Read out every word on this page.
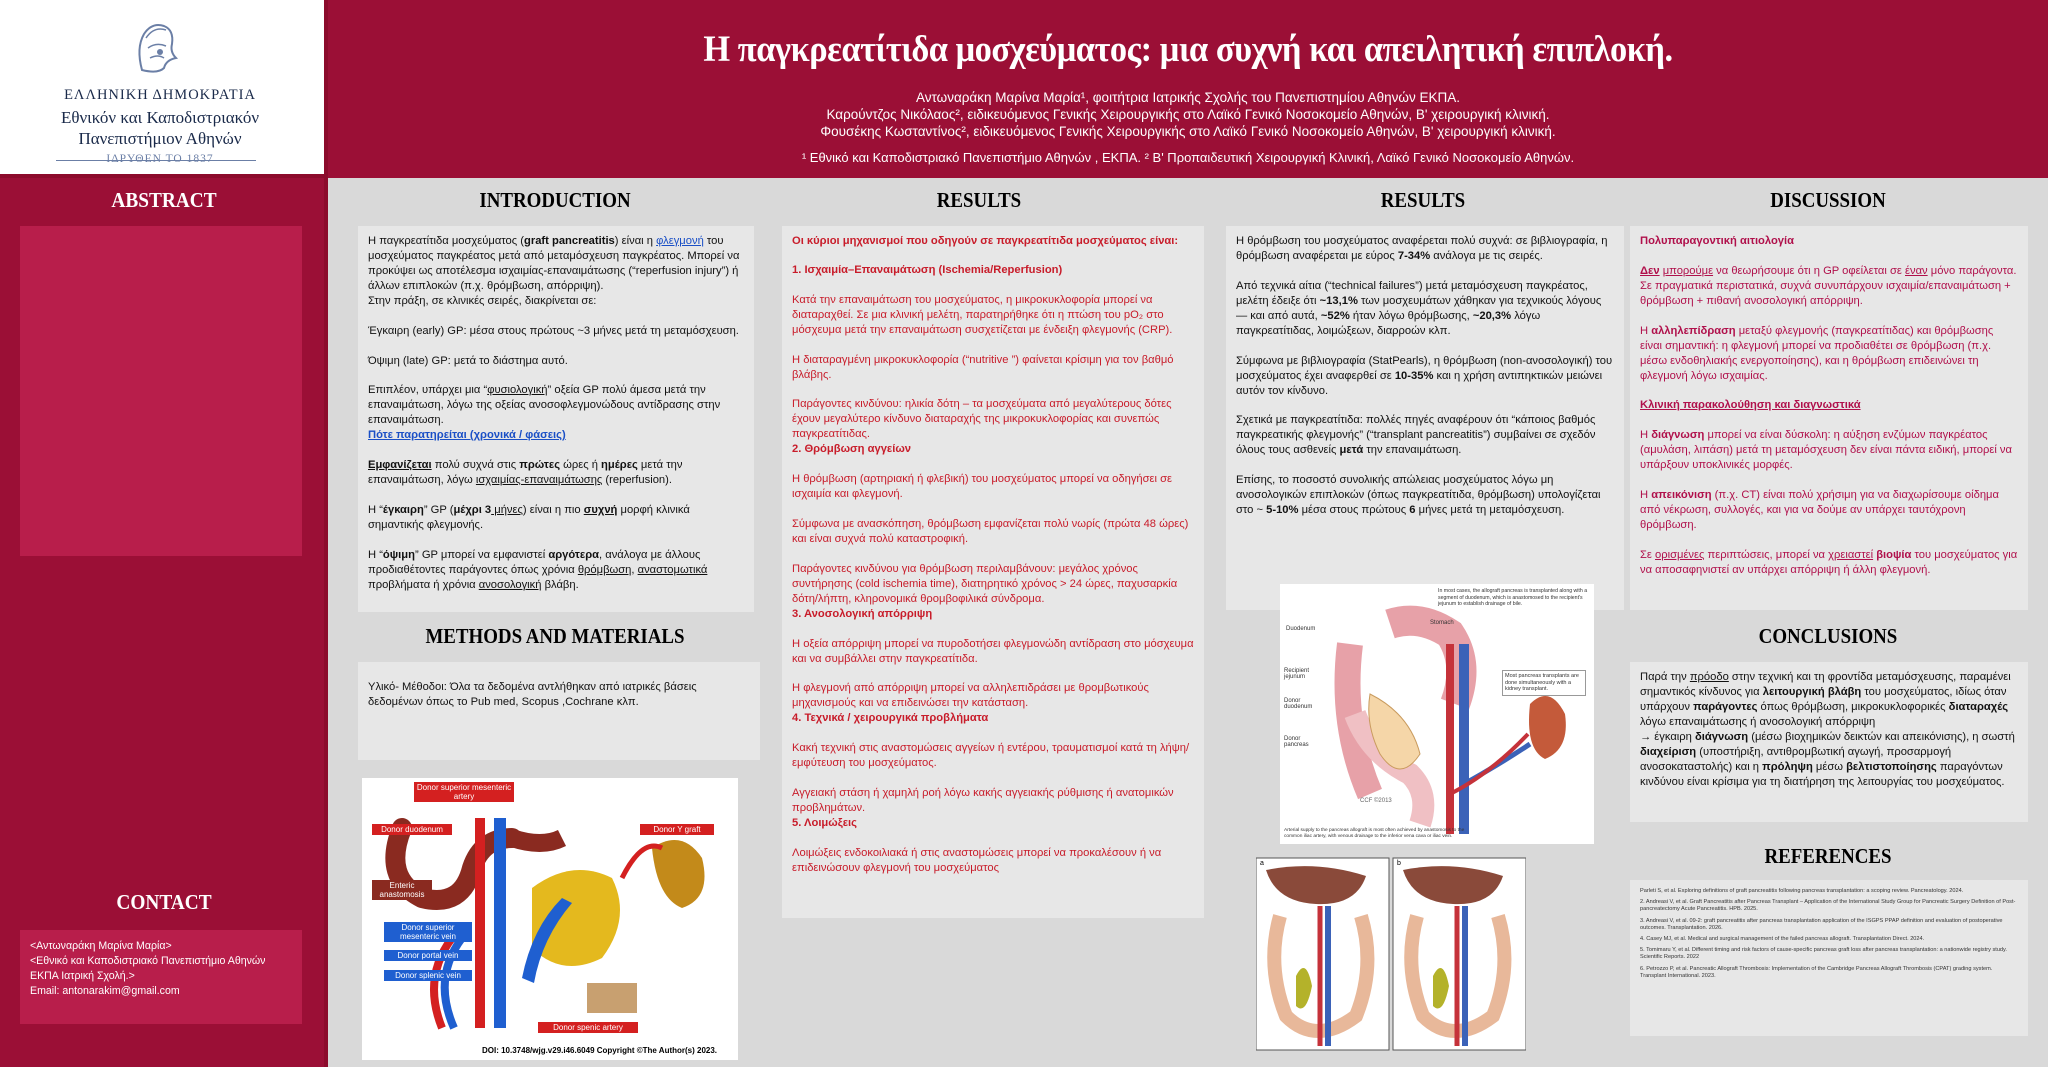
ΕΛΛΗΝΙΚΗ ΔΗΜΟΚΡΑΤΙΑ
Εθνικόν και Καποδιστριακόν
Πανεπιστήμιον Αθηνών
ΙΔΡΥΘΕΝ ΤΟ 1837
Η παγκρεατίτιδα μοσχεύματος: μια συχνή και απειλητική επιπλοκή.
Αντωναράκη Μαρίνα Μαρία¹, φοιτήτρια Ιατρικής Σχολής του Πανεπιστημίου Αθηνών ΕΚΠΑ.
Καρούντζος Νικόλαος², ειδικευόμενος Γενικής Χειρουργικής στο Λαϊκό Γενικό Νοσοκομείο Αθηνών, Β' χειρουργική κλινική.
Φουσέκης Κωσταντίνος², ειδικευόμενος Γενικής Χειρουργικής στο Λαϊκό Γενικό Νοσοκομείο Αθηνών, Β' χειρουργική κλινική.
¹ Εθνικό και Καποδιστριακό Πανεπιστήμιο Αθηνών , ΕΚΠΑ. ² Β' Προπαιδευτική Χειρουργική Κλινική, Λαϊκό Γενικό Νοσοκομείο Αθηνών.
ABSTRACT
CONTACT
<Αντωναράκη Μαρίνα Μαρία>
<Εθνικό και Καποδιστριακό Πανεπιστήμιο Αθηνών
ΕΚΠΑ Ιατρική Σχολή.>
Email: antonarakim@gmail.com
INTRODUCTION

Η παγκρεατίτιδα μοσχεύματος (graft pancreatitis) είναι η φλεγμονή του μοσχεύματος παγκρέατος μετά από μεταμόσχευση παγκρέατος. Μπορεί να προκύψει ως αποτέλεσμα ισχαιμίας-επαναιμάτωσης (“reperfusion injury”) ή άλλων επιπλοκών (π.χ. θρόμβωση, απόρριψη).

Στην πράξη, σε κλινικές σειρές, διακρίνεται σε:

Έγκαιρη (early) GP: μέσα στους πρώτους ~3 μήνες μετά τη μεταμόσχευση.

Όψιμη (late) GP: μετά το διάστημα αυτό.

Επιπλέον, υπάρχει μια “φυσιολογική” οξεία GP πολύ άμεσα μετά την επαναιμάτωση, λόγω της οξείας ανοσοφλεγμονώδους αντίδρασης στην επαναιμάτωση.

Πότε παρατηρείται (χρονικά / φάσεις)

Εμφανίζεται πολύ συχνά στις πρώτες ώρες ή ημέρες μετά την επαναιμάτωση, λόγω ισχαιμίας-επαναιμάτωσης (reperfusion).

Η “έγκαιρη” GP (μέχρι 3 μήνες) είναι η πιο συχνή μορφή κλινικά σημαντικής φλεγμονής.

Η “όψιμη” GP μπορεί να εμφανιστεί αργότερα, ανάλογα με άλλους προδιαθέτοντες παράγοντες όπως χρόνια θρόμβωση, αναστομωτικά προβλήματα ή χρόνια ανοσολογική βλάβη.

METHODS AND MATERIALS

Υλικό- Μέθοδοι: Όλα τα δεδομένα αντλήθηκαν από ιατρικές βάσεις δεδομένων όπως το Pub med, Scopus ,Cochrane κλπ.

Donor superior mesenteric artery
Donor duodenum	Donor Y graft
Enteric anastomosis
Donor superior mesenteric vein
Donor portal vein
Donor splenic vein
Donor spenic artery
DOI: 10.3748/wjg.v29.i46.6049 Copyright ©The Author(s) 2023.
RESULTS

Οι κύριοι μηχανισμοί που οδηγούν σε παγκρεατίτιδα μοσχεύματος είναι:

1. Ισχαιμία–Επαναιμάτωση (Ischemia/Reperfusion)

Κατά την επαναιμάτωση του μοσχεύματος, η μικροκυκλοφορία μπορεί να διαταραχθεί. Σε μια κλινική μελέτη, παρατηρήθηκε ότι η πτώση του pO₂ στο μόσχευμα μετά την επαναιμάτωση συσχετίζεται με ένδειξη φλεγμονής (CRP).

Η διαταραγμένη μικροκυκλοφορία (“nutritive ”) φαίνεται κρίσιμη για τον βαθμό βλάβης.

Παράγοντες κινδύνου: ηλικία δότη – τα μοσχεύματα από μεγαλύτερους δότες έχουν μεγαλύτερο κίνδυνο διαταραχής της μικροκυκλοφορίας και συνεπώς παγκρεατίτιδας.

2. Θρόμβωση αγγείων

Η θρόμβωση (αρτηριακή ή φλεβική) του μοσχεύματος μπορεί να οδηγήσει σε ισχαιμία και φλεγμονή.

Σύμφωνα με ανασκόπηση, θρόμβωση εμφανίζεται πολύ νωρίς (πρώτα 48 ώρες) και είναι συχνά πολύ καταστροφική.

Παράγοντες κινδύνου για θρόμβωση περιλαμβάνουν: μεγάλος χρόνος συντήρησης (cold ischemia time), διατηρητικό χρόνος > 24 ώρες, παχυσαρκία δότη/λήπτη, κληρονομικά θρομβοφιλικά σύνδρομα.

3. Ανοσολογική απόρριψη

Η οξεία απόρριψη μπορεί να πυροδοτήσει φλεγμονώδη αντίδραση στο μόσχευμα και να συμβάλλει στην παγκρεατίτιδα.

Η φλεγμονή από απόρριψη μπορεί να αλληλεπιδράσει με θρομβωτικούς μηχανισμούς και να επιδεινώσει την κατάσταση.

4. Τεχνικά / χειρουργικά προβλήματα

Κακή τεχνική στις αναστομώσεις αγγείων ή εντέρου, τραυματισμοί κατά τη λήψη/εμφύτευση του μοσχεύματος.

Αγγειακή στάση ή χαμηλή ροή λόγω κακής αγγειακής ρύθμισης ή ανατομικών προβλημάτων.

5. Λοιμώξεις

Λοιμώξεις ενδοκοιλιακά ή στις αναστομώσεις μπορεί να προκαλέσουν ή να επιδεινώσουν φλεγμονή του μοσχεύματος

RESULTS

Η θρόμβωση του μοσχεύματος αναφέρεται πολύ συχνά: σε βιβλιογραφία, η θρόμβωση αναφέρεται με εύρος 7-34% ανάλογα με τις σειρές.

Από τεχνικά αίτια (“technical failures”) μετά μεταμόσχευση παγκρέατος, μελέτη έδειξε ότι ~13,1% των μοσχευμάτων χάθηκαν για τεχνικούς λόγους — και από αυτά, ~52% ήταν λόγω θρόμβωσης, ~20,3% λόγω παγκρεατίτιδας, λοιμώξεων, διαρροών κλπ.

Σύμφωνα με βιβλιογραφία (StatPearls), η θρόμβωση (non-ανοσολογική) του μοσχεύματος έχει αναφερθεί σε 10-35% και η χρήση αντιπηκτικών μειώνει αυτόν τον κίνδυνο.

Σχετικά με παγκρεατίτιδα: πολλές πηγές αναφέρουν ότι “κάποιος βαθμός παγκρεατικής φλεγμονής” (“transplant pancreatitis”) συμβαίνει σε σχεδόν όλους τους ασθενείς μετά την επαναιμάτωση.

Επίσης, το ποσοστό συνολικής απώλειας μοσχεύματος λόγω μη ανοσολογικών επιπλοκών (όπως παγκρεατίτιδα, θρόμβωση) υπολογίζεται στο ~ 5-10% μέσα στους πρώτους 6 μήνες μετά τη μεταμόσχευση.

In most cases, the allograft pancreas is transplanted along with a segment of duodenum, which is anastomosed to the recipient's jejunum to establish drainage of bile.
Duodenum
Stomach
Recipient jejunum
Donor duodenum
Donor pancreas
Most pancreas transplants are done simultaneously with a kidney transplant.
CCF ©2013
Arterial supply to the pancreas allograft is most often achieved by anastomosis to the common iliac artery, with venous drainage to the inferior vena cava or iliac vein.
a	b
DISCUSSION

Πολυπαραγοντική αιτιολογία

Δεν μπορούμε να θεωρήσουμε ότι η GP οφείλεται σε έναν μόνο παράγοντα. Σε πραγματικά περιστατικά, συχνά συνυπάρχουν ισχαιμία/επαναιμάτωση + θρόμβωση + πιθανή ανοσολογική απόρριψη.

Η αλληλεπίδραση μεταξύ φλεγμονής (παγκρεατίτιδας) και θρόμβωσης είναι σημαντική: η φλεγμονή μπορεί να προδιαθέτει σε θρόμβωση (π.χ. μέσω ενδοθηλιακής ενεργοποίησης), και η θρόμβωση επιδεινώνει τη φλεγμονή λόγω ισχαιμίας.

Κλινική παρακολούθηση και διαγνωστικά

Η διάγνωση μπορεί να είναι δύσκολη: η αύξηση ενζύμων παγκρέατος (αμυλάση, λιπάση) μετά τη μεταμόσχευση δεν είναι πάντα ειδική, μπορεί να υπάρξουν υποκλινικές μορφές.

Η απεικόνιση (π.χ. CT) είναι πολύ χρήσιμη για να διαχωρίσουμε οίδημα από νέκρωση, συλλογές, και για να δούμε αν υπάρχει ταυτόχρονη θρόμβωση.

Σε ορισμένες περιπτώσεις, μπορεί να χρειαστεί βιοψία του μοσχεύματος για να αποσαφηνιστεί αν υπάρχει απόρριψη ή άλλη φλεγμονή.

CONCLUSIONS

Παρά την πρόοδο στην τεχνική και τη φροντίδα μεταμόσχευσης, παραμένει σημαντικός κίνδυνος για λειτουργική βλάβη του μοσχεύματος, ιδίως όταν υπάρχουν παράγοντες όπως θρόμβωση, μικροκυκλοφορικές διαταραχές λόγω επαναιμάτωσης ή ανοσολογική απόρριψη

→ έγκαιρη διάγνωση (μέσω βιοχημικών δεικτών και απεικόνισης), η σωστή διαχείριση (υποστήριξη, αντιθρομβωτική αγωγή, προσαρμογή ανοσοκαταστολής) και η πρόληψη μέσω βελτιστοποίησης παραγόντων κινδύνου είναι κρίσιμα για τη διατήρηση της λειτουργίας του μοσχεύματος.

REFERENCES

Parleti S, et al. Exploring definitions of graft pancreatitis following pancreas transplantation: a scoping review. Pancreatology. 2024.

2. Andreasi V, et al. Graft Pancreatitis after Pancreas Transplant – Application of the International Study Group for Pancreatic Surgery Definition of Post-pancreatectomy Acute Pancreatitis. HPB. 2025.

3. Andreasi V, et al. 09-2: graft pancreatitis after pancreas transplantation application of the ISGPS PPAP definition and evaluation of postoperative outcomes. Transplantation. 2026.

4. Casey MJ, et al. Medical and surgical management of the failed pancreas allograft. Transplantation Direct. 2024.

5. Tomimaru Y, et al. Different timing and risk factors of cause-specific pancreas graft loss after pancreas transplantation: a nationwide registry study. Scientific Reports. 2022

6. Petrozzo P, et al. Pancreatic Allograft Thrombosis: Implementation of the Cambridge Pancreas Allograft Thrombosis (CPAT) grading system. Transplant International. 2023.
